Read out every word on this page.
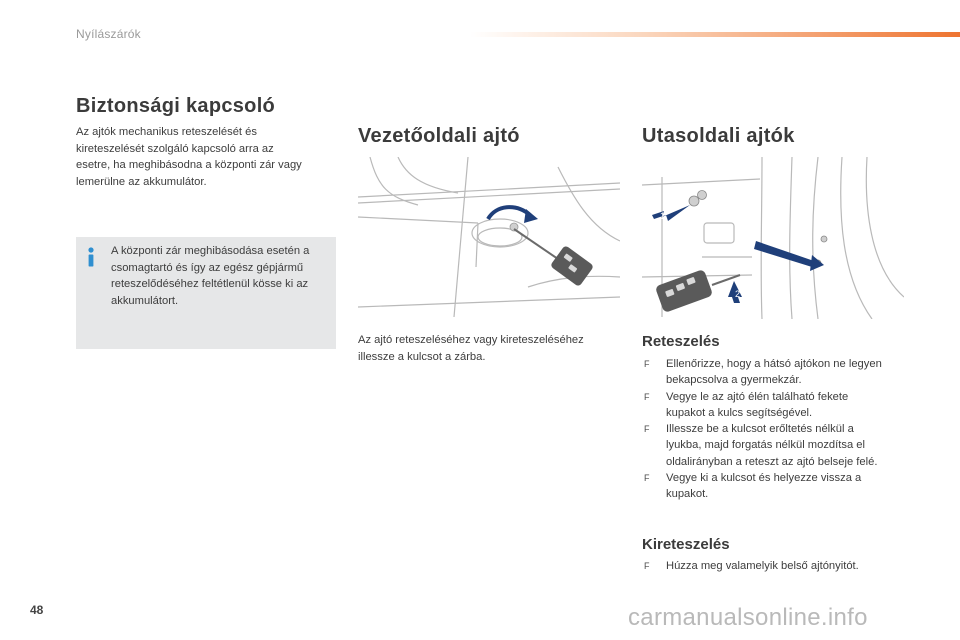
Nyílászárók
Biztonsági kapcsoló
Az ajtók mechanikus reteszelését és
kireteszelését szolgáló kapcsoló arra az
esetre, ha meghibásodna a központi zár vagy
lemerülne az akkumulátor.
A központi zár meghibásodása esetén a
csomagtartó és így az egész gépjármű
reteszelődéséhez feltétlenül kösse ki az
akkumulátort.
Vezetőoldali ajtó
Az ajtó reteszeléséhez vagy kireteszeléséhez
illessze a kulcsot a zárba.
Utasoldali ajtók
1
2
Reteszelés
F Ellenőrizze, hogy a hátsó ajtókon ne legyen
bekapcsolva a gyermekzár.
F Vegye le az ajtó élén található fekete
kupakot a kulcs segítségével.
F Illessze be a kulcsot erőltetés nélkül a
lyukba, majd forgatás nélkül mozdítsa el
oldalirányban a reteszt az ajtó belseje felé.
F Vegye ki a kulcsot és helyezze vissza a
kupakot.
Kireteszelés
F Húzza meg valamelyik belső ajtónyitót.
48	carmanualsonline.info
